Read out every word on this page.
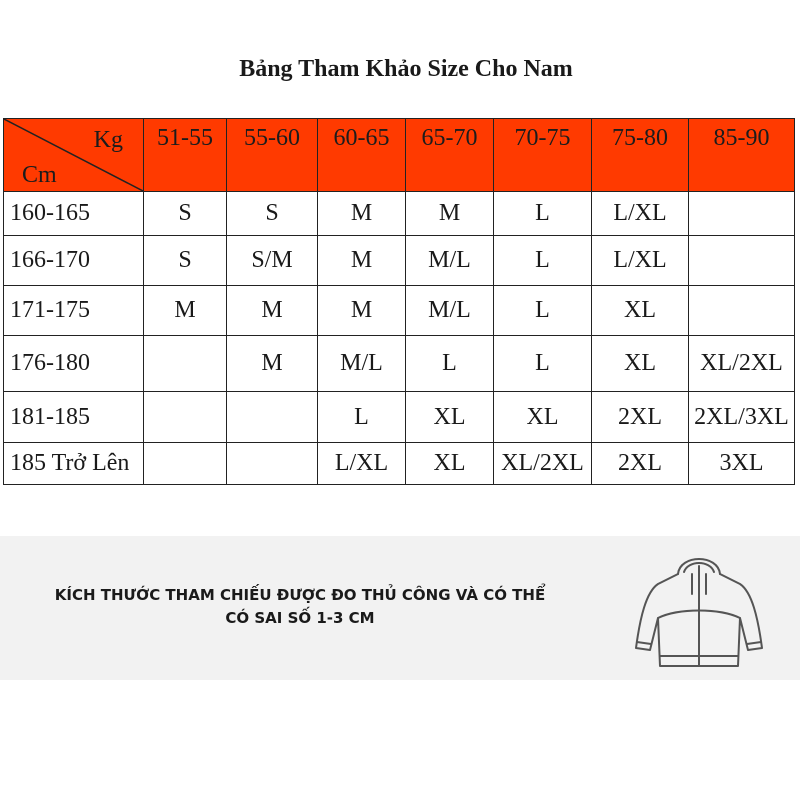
Bảng Tham Khảo Size Cho Nam
Kg
Cm	51-55	55-60	60-65	65-70	70-75	75-80	85-90
160-165	S	S	M	M	L	L/XL	
166-170	S	S/M	M	M/L	L	L/XL	
171-175	M	M	M	M/L	L	XL	
176-180		M	M/L	L	L	XL	XL/2XL
181-185			L	XL	XL	2XL	2XL/3XL
185 Trở Lên			L/XL	XL	XL/2XL	2XL	3XL
KÍCH THƯỚC THAM CHIẾU ĐƯỢC ĐO THỦ CÔNG VÀ CÓ THỂ
CÓ SAI SỐ 1-3 CM
